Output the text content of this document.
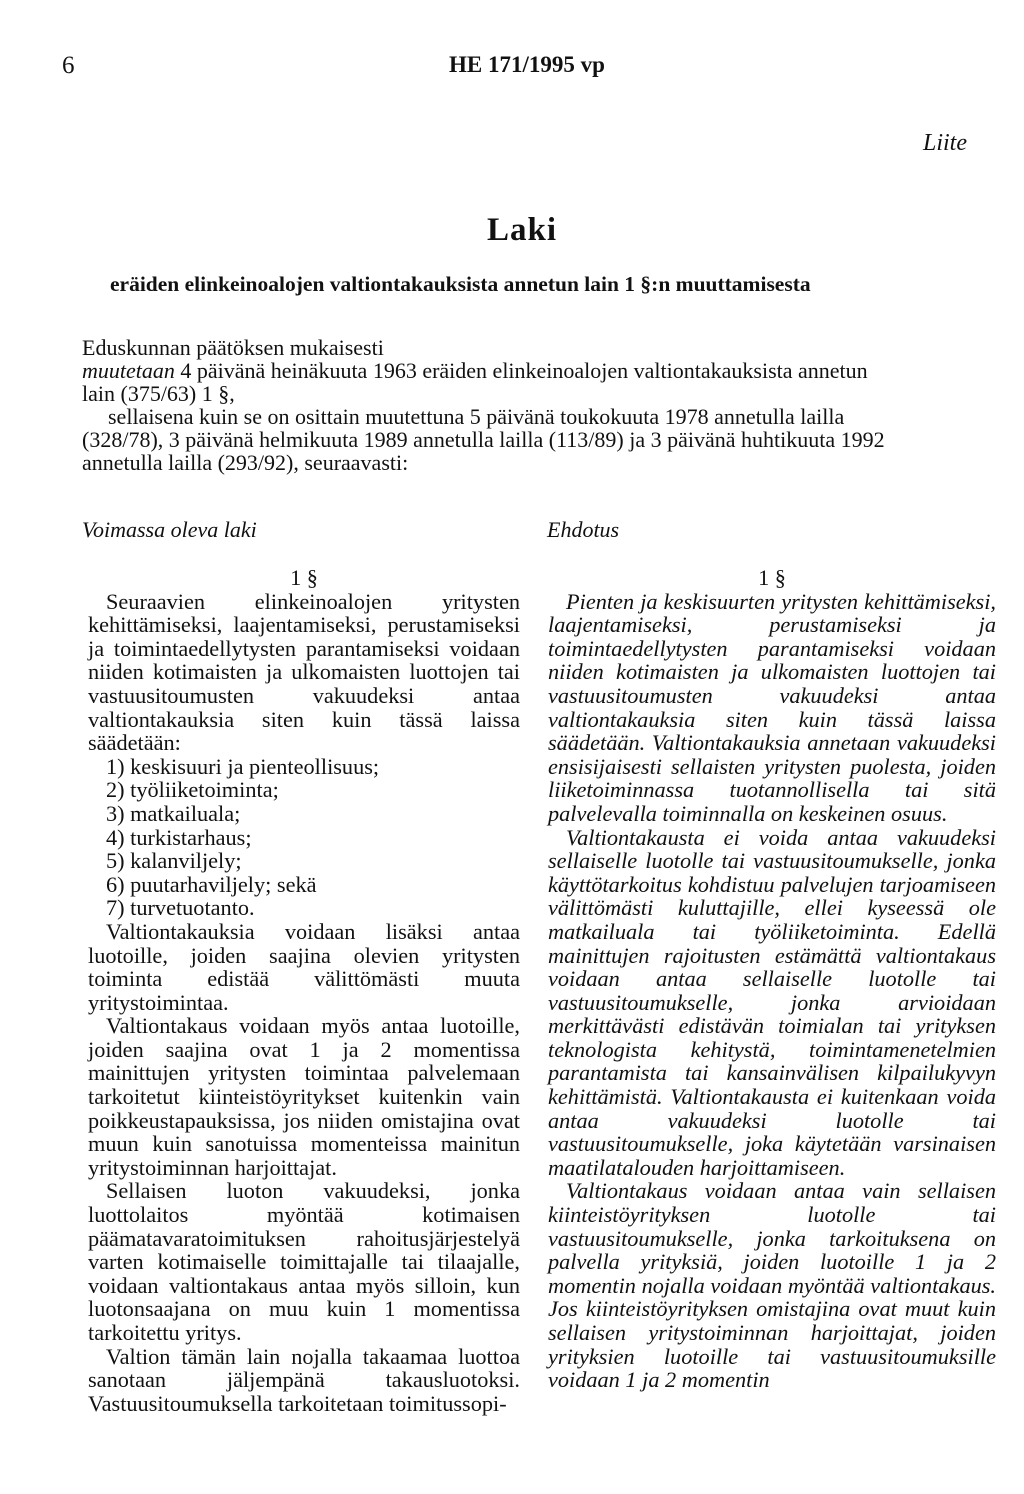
6	HE 171/1995 vp
Liite
Laki
eräiden elinkeinoalojen valtiontakauksista annetun lain 1 §:n muuttamisesta
Eduskunnan päätöksen mukaisesti
muutetaan 4 päivänä heinäkuuta 1963 eräiden elinkeinoalojen valtiontakauksista annetun
lain (375/63) 1 §,
sellaisena kuin se on osittain muutettuna 5 päivänä toukokuuta 1978 annetulla lailla
(328/78), 3 päivänä helmikuuta 1989 annetulla lailla (113/89) ja 3 päivänä huhtikuuta 1992
annetulla lailla (293/92), seuraavasti:
Voimassa oleva laki	Ehdotus
1 §

Seuraavien elinkeinoalojen yritysten kehittämiseksi, laajentamiseksi, perustamiseksi ja toimintaedellytysten parantamiseksi voidaan niiden kotimaisten ja ulkomaisten luottojen tai vastuusitoumusten vakuudeksi antaa valtiontakauksia siten kuin tässä laissa säädetään:

1) keskisuuri ja pienteollisuus;
2) työliiketoiminta;
3) matkailuala;
4) turkistarhaus;
5) kalanviljely;
6) puutarhaviljely; sekä
7) turvetuotanto.

Valtiontakauksia voidaan lisäksi antaa luotoille, joiden saajina olevien yritysten toiminta edistää välittömästi muuta yritystoimintaa.

Valtiontakaus voidaan myös antaa luotoille, joiden saajina ovat 1 ja 2 momentissa mainittujen yritysten toimintaa palvelemaan tarkoitetut kiinteistöyritykset kuitenkin vain poikkeustapauksissa, jos niiden omistajina ovat muun kuin sanotuissa momenteissa mainitun yritystoiminnan harjoittajat.

Sellaisen luoton vakuudeksi, jonka luottolaitos myöntää kotimaisen päämatavaratoimituksen rahoitusjärjestelyä varten kotimaiselle toimittajalle tai tilaajalle, voidaan valtiontakaus antaa myös silloin, kun luotonsaajana on muu kuin 1 momentissa tarkoitettu yritys.

Valtion tämän lain nojalla takaamaa luottoa sanotaan jäljempänä takausluotoksi. Vastuusitoumuksella tarkoitetaan toimitussopi-

1 §

Pienten ja keskisuurten yritysten kehittämiseksi, laajentamiseksi, perustamiseksi ja toimintaedellytysten parantamiseksi voidaan niiden kotimaisten ja ulkomaisten luottojen tai vastuusitoumusten vakuudeksi antaa valtiontakauksia siten kuin tässä laissa säädetään. Valtiontakauksia annetaan vakuudeksi ensisijaisesti sellaisten yritysten puolesta, joiden liiketoiminnassa tuotannollisella tai sitä palvelevalla toiminnalla on keskeinen osuus.

Valtiontakausta ei voida antaa vakuudeksi sellaiselle luotolle tai vastuusitoumukselle, jonka käyttötarkoitus kohdistuu palvelujen tarjoamiseen välittömästi kuluttajille, ellei kyseessä ole matkailuala tai työliiketoiminta. Edellä mainittujen rajoitusten estämättä valtiontakaus voidaan antaa sellaiselle luotolle tai vastuusitoumukselle, jonka arvioidaan merkittävästi edistävän toimialan tai yrityksen teknologista kehitystä, toimintamenetelmien parantamista tai kansainvälisen kilpailukyvyn kehittämistä. Valtiontakausta ei kuitenkaan voida antaa vakuudeksi luotolle tai vastuusitoumukselle, joka käytetään varsinaisen maatilatalouden harjoittamiseen.

Valtiontakaus voidaan antaa vain sellaisen kiinteistöyrityksen luotolle tai vastuusitoumukselle, jonka tarkoituksena on palvella yrityksiä, joiden luotoille 1 ja 2 momentin nojalla voidaan myöntää valtiontakaus. Jos kiinteistöyrityksen omistajina ovat muut kuin sellaisen yritystoiminnan harjoittajat, joiden yrityksien luotoille tai vastuusitoumuksille voidaan 1 ja 2 momentin
